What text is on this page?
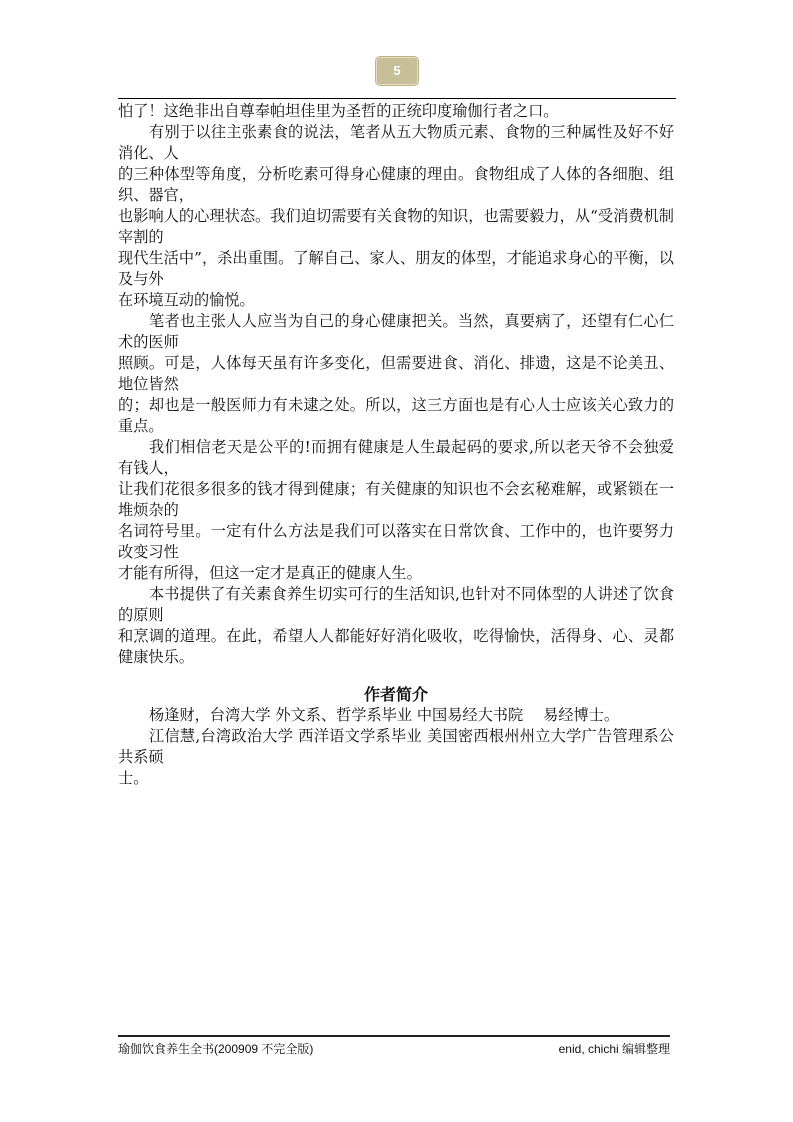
5
怕了！这绝非出自尊奉帕坦佳里为圣哲的正统印度瑜伽行者之口。
有别于以往主张素食的说法，笔者从五大物质元素、食物的三种属性及好不好消化、人
的三种体型等角度，分析吃素可得身心健康的理由。食物组成了人体的各细胞、组织、器官，
也影响人的心理状态。我们迫切需要有关食物的知识，也需要毅力，从“受消费机制宰割的
现代生活中”，杀出重围。了解自己、家人、朋友的体型，才能追求身心的平衡，以及与外
在环境互动的愉悦。
笔者也主张人人应当为自己的身心健康把关。当然，真要病了，还望有仁心仁术的医师
照顾。可是，人体每天虽有许多变化，但需要进食、消化、排遗，这是不论美丑、地位皆然
的；却也是一般医师力有未逮之处。所以，这三方面也是有心人士应该关心致力的重点。
我们相信老天是公平的!而拥有健康是人生最起码的要求,所以老天爷不会独爱有钱人，
让我们花很多很多的钱才得到健康；有关健康的知识也不会玄秘难解，或紧锁在一堆烦杂的
名词符号里。一定有什么方法是我们可以落实在日常饮食、工作中的，也许要努力改变习性
才能有所得，但这一定才是真正的健康人生。
本书提供了有关素食养生切实可行的生活知识,也针对不同体型的人讲述了饮食的原则
和烹调的道理。在此，希望人人都能好好消化吸收，吃得愉快，活得身、心、灵都健康快乐。
作者简介
杨逢财，台湾大学 外文系、哲学系毕业 中国易经大书院　 易经博士。
江信慧,台湾政治大学 西洋语文学系毕业 美国密西根州州立大学广告管理系公共系硕
士。
瑜伽饮食养生全书(200909 不完全版)	enid, chichi 编辑整理
